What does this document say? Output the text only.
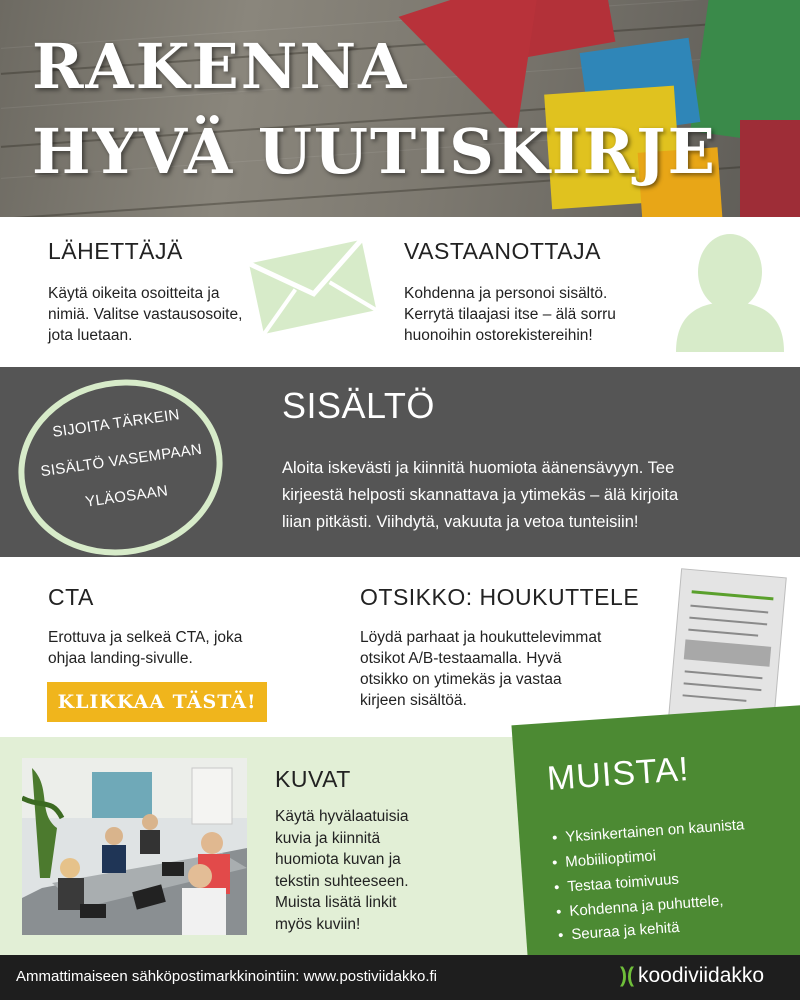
RAKENNA
HYVÄ UUTISKIRJE
LÄHETTÄJÄ
Käytä oikeita osoitteita ja
nimiä. Valitse vastausosoite,
jota luetaan.
VASTAANOTTAJA
Kohdenna ja personoi sisältö.
Kerrytä tilaajasi itse – älä sorru
huonoihin ostorekistereihin!
SIJOITA TÄRKEIN
SISÄLTÖ VASEMPAAN
YLÄOSAAN
SISÄLTÖ
Aloita iskevästi ja kiinnitä huomiota äänensävyyn. Tee
kirjeestä helposti skannattava ja ytimekäs – älä kirjoita
liian pitkästi. Viihdytä, vakuuta ja vetoa tunteisiin!
CTA
Erottuva ja selkeä CTA, joka
ohjaa landing-sivulle.
KLIKKAA TÄSTÄ!
OTSIKKO: HOUKUTTELE
Löydä parhaat ja houkuttelevimmat
otsikot A/B-testaamalla. Hyvä
otsikko on ytimekäs ja vastaa
kirjeen sisältöä.
KUVAT
Käytä hyvälaatuisia
kuvia ja kiinnitä
huomiota kuvan ja
tekstin suhteeseen.
Muista lisätä linkit
myös kuviin!
MUISTA!
• Yksinkertainen on kaunista
• Mobiilioptimoi
• Testaa toimivuus
• Kohdenna ja puhuttele,
• Seuraa ja kehitä
Ammattimaiseen sähköpostimarkkinointiin: www.postiviidakko.fi	)( koodiviidakko
